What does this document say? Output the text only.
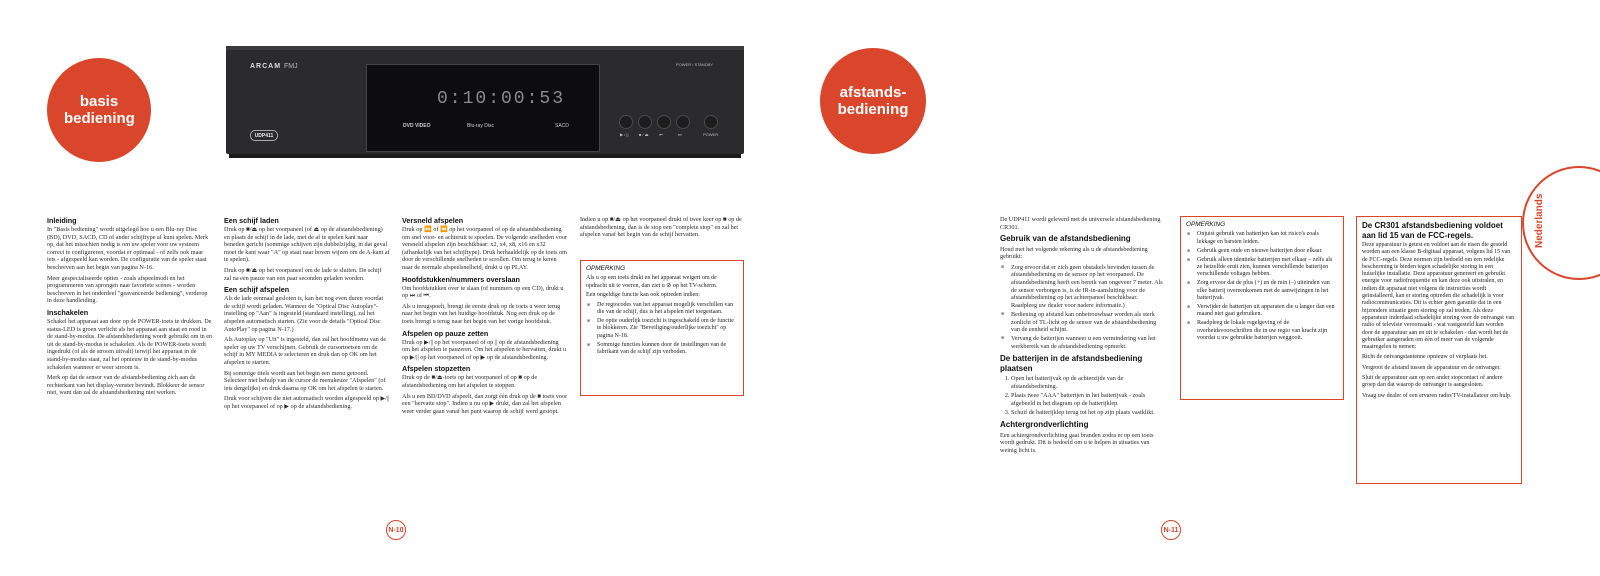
basis bediening
ARCAM FMJ
UDP411
0:10:00:53
DVD VIDEO	Blu-ray Disc	SACD
POWER / STANDBY
▶ / ||	■ / ⏏	⏮	⏭	POWER
Inleiding

In "Basis bediening" wordt uitgelegd hoe u een Blu-ray Disc (BD), DVD, SACD, CD of ander schijftype af kunt spelen. Merk op, dat het misschien nodig is om uw speler voor uw systeem correct te configureren, voordat er optimaal - of zelfs ook maar iets - afgespeeld kan worden. De configuratie van de speler staat beschreven aan het begin van pagina N-16.

Meer gespecialiseerde opties - zoals afspeelmodi en het programmeren van sprongen naar favoriete scènes - worden beschreven in het onderdeel "geavanceerde bediening", verderop in deze handleiding.

Inschakelen

Schakel het apparaat aan door op de POWER-toets te drukken. De status-LED is groen verlicht als het apparaat aan staat en rood in de stand-by-modus. De afstandsbediening wordt gebruikt om in en uit de stand-by-modus te schakelen. Als de POWER-toets wordt ingedrukt (of als de stroom uitvalt) terwijl het apparaat in de stand-by-modus staat, zal het opnieuw in de stand-by-modus schakelen wanneer er weer stroom is.

Merk op dat de sensor van de afstandsbediening zich aan de rechterkant van het display-venster bevindt. Blokkeer de sensor niet, want dan zal de afstandsbediening niet werken.

Een schijf laden

Druk op ■/⏏ op het voorpaneel (of ⏏ op de afstandsbediening) en plaats de schijf in de lade, met de af te spelen kant naar beneden gericht (sommige schijven zijn dubbelzijdig, in dat geval moet de kant waar "A" op staat naar boven wijzen om de A-kant af te spelen).

Druk op ■/⏏ op het voorpaneel om de lade te sluiten. De schijf zal na een pauze van een paar seconden geladen worden.

Een schijf afspelen

Als de lade eenmaal gesloten is, kan het nog even duren voordat de schijf wordt geladen. Wanneer de "Optical Disc Autoplay"-instelling op "Aan" is ingesteld (standaard instelling), zal het afspelen automatisch starten. (Zie voor de details "Optical Disc AutoPlay" op pagina N-17.)

Als Autoplay op "Uit" is ingesteld, dan zal het hoofdmenu van de speler op uw TV verschijnen. Gebruik de cursortoetsen om de schijf in MY MEDIA te selecteren en druk dan op OK om het afspelen te starten.

Bij sommige titels wordt aan het begin een menu getoond. Selecteer met behulp van de cursor de menukeuze "Afspelen" (of iets dergelijks) en druk daarna op OK om het afspelen te starten.

Druk voor schijven die niet automatisch worden afgespeeld op ▶/|| op het voorpaneel of op ▶ op de afstandsbediening.

Versneld afspelen

Druk op ⏩ of ⏪ op het voorpaneel of op de afstandsbediening om snel voor- en achteruit te spoelen. De volgende snelheden voor versneld afspelen zijn beschikbaar: x2, x4, x8, x16 en x32 (afhankelijk van het schijftype). Druk herhaaldelijk op de toets om door de verschillende snelheden te scrollen. Om terug te keren naar de normale afspeelsnelheid, drukt u op PLAY.

Hoofdstukken/nummers overslaan

Om hoofdstukken over te slaan (of nummers op een CD), drukt u op ⏭ of ⏮.

Als u terugspoelt, brengt de eerste druk op de toets u weer terug naar het begin van het huidige hoofdstuk. Nog een druk op de toets brengt u terug naar het begin van het vorige hoofdstuk.

Afspelen op pauze zetten

Druk op ▶/|| op het voorpaneel of op || op de afstandsbediening om het afspelen te pauzeren. Om het afspelen te hervatten, drukt u op ▶/|| op het voorpaneel of op ▶ op de afstandsbediening.

Afspelen stopzetten

Druk op de ■/⏏-toets op het voorpaneel of op ■ op de afstandsbediening om het afspelen te stoppen.

Als u een BD/DVD afspeelt, dan zorgt één druk op de ■ toets voor een "hervatte stop". Indien u nu op ▶ drukt, dan zal het afspelen weer verder gaan vanaf het punt waarop de schijf werd gestopt.

Indien u op ■/⏏ op het voorpaneel drukt of twee keer op ■ op de afstandsbediening, dan is de stop een "complete stop" en zal het afspelen vanaf het begin van de schijf hervatten.

OPMERKING

Als u op een toets drukt en het apparaat weigert om de opdracht uit te voeren, dan ziet u ⊘ op het TV-scherm.

Een ongeldige functie kan ook optreden indien:

■ De regiocodes van het apparaat mogelijk verschillen van die van de schijf, dus is het afspelen niet toegestaan.
■ De optie ouderlijk toezicht is ingeschakeld om de functie te blokkeren. Zie "Beveiliging/ouderlijke toezicht" op pagina N-18.
■ Sommige functies kunnen door de instellingen van de fabrikant van de schijf zijn verboden.
N-10
afstands- bediening
Nederlands

De UDP411 wordt geleverd met de universele afstandsbediening CR301.

Gebruik van de afstandsbediening

Houd met het volgende rekening als u de afstandsbediening gebruikt:

■ Zorg ervoor dat er zich geen obstakels bevinden tussen de afstandsbediening en de sensor op het voorpaneel. De afstandsbediening heeft een bereik van ongeveer 7 meter. Als de sensor verborgen is, is de IR-in-aansluiting voor de afstandsbediening op het achterpaneel beschikbaar. Raadpleeg uw dealer voor nadere informatie.)
■ Bediening op afstand kan onbetrouwbaar worden als sterk zonlicht of TL-licht op de sensor van de afstandsbediening van de eenheid schijnt.
■ Vervang de batterijen wanneer u een vermindering van het werkbereik van de afstandsbediening opmerkt.
De batterijen in de afstandsbediening plaatsen
1. Open het batterijvak op de achterzijde van de afstandsbediening.
2. Plaats twee "AAA" batterijen in het batterijvak - zoals afgebeeld in het diagram op de batterijklep.
3. Schuif de batterijklep terug tot het op zijn plaats vastklikt.
Achtergrondverlichting

Een achtergrondverlichting gaat branden zodra er op een toets wordt gedrukt. Dit is bedoeld om u te helpen in situaties van weinig licht is.

OPMERKING
■ Onjuist gebruik van batterijen kan tot risico's zoals lekkage en barsten leiden.
■ Gebruik geen oude en nieuwe batterijen door elkaar.
■ Gebruik alleen identieke batterijen met elkaar – zelfs als ze hetzelfde eruit zien, kunnen verschillende batterijen verschillende voltages hebben.
■ Zorg ervoor dat de plus (+) en de min (–) uiteinden van elke batterij overeenkomen met de aanwijzingen in het batterijvak.
■ Verwijder de batterijen uit apparaten die u langer dan een maand niet gaat gebruiken.
■ Raadpleeg de lokale regelgeving of de overheidsvoorschriften die in uw regio van kracht zijn voordat u uw gebruikte batterijen weggooit.
De CR301 afstandsbediening voldoet aan lid 15 van de FCC-regels.

Deze apparatuur is getest en voldoet aan de eisen die gesteld worden aan een klasse B-digitaal apparaat, volgens lid 15 van de FCC-regels. Deze normen zijn bedoeld om een redelijke bescherming te bieden tegen schadelijke storing in een huiselijke installatie. Deze apparatuur genereert en gebruikt energie voor radiofrequentie en kan deze ook uitstralen, en indien dit apparaat niet volgens de instructies wordt geïnstalleerd, kan er storing optreden die schadelijk is voor radiocommunicaties. Dit is echter geen garantie dat in een bijzondere situatie geen storing op zal treden. Als deze apparatuur inderdaad schadelijke storing voor de ontvangst van radio of televisie veroorzaakt - wat vastgesteld kan worden door de apparatuur aan en uit te schakelen - dan wordt het de gebruiker aangeraden om één of meer van de volgende maatregelen te nemen:

Richt de ontvangstantenne opnieuw of verplaats het.

Vergroot de afstand tussen de apparatuur en de ontvanger.

Sluit de apparatuur aan op een ander stopcontact of andere groep dan dat waarop de ontvanger is aangesloten.

Vraag uw dealer of een ervaren radio/TV-installateur om hulp.

N-11
